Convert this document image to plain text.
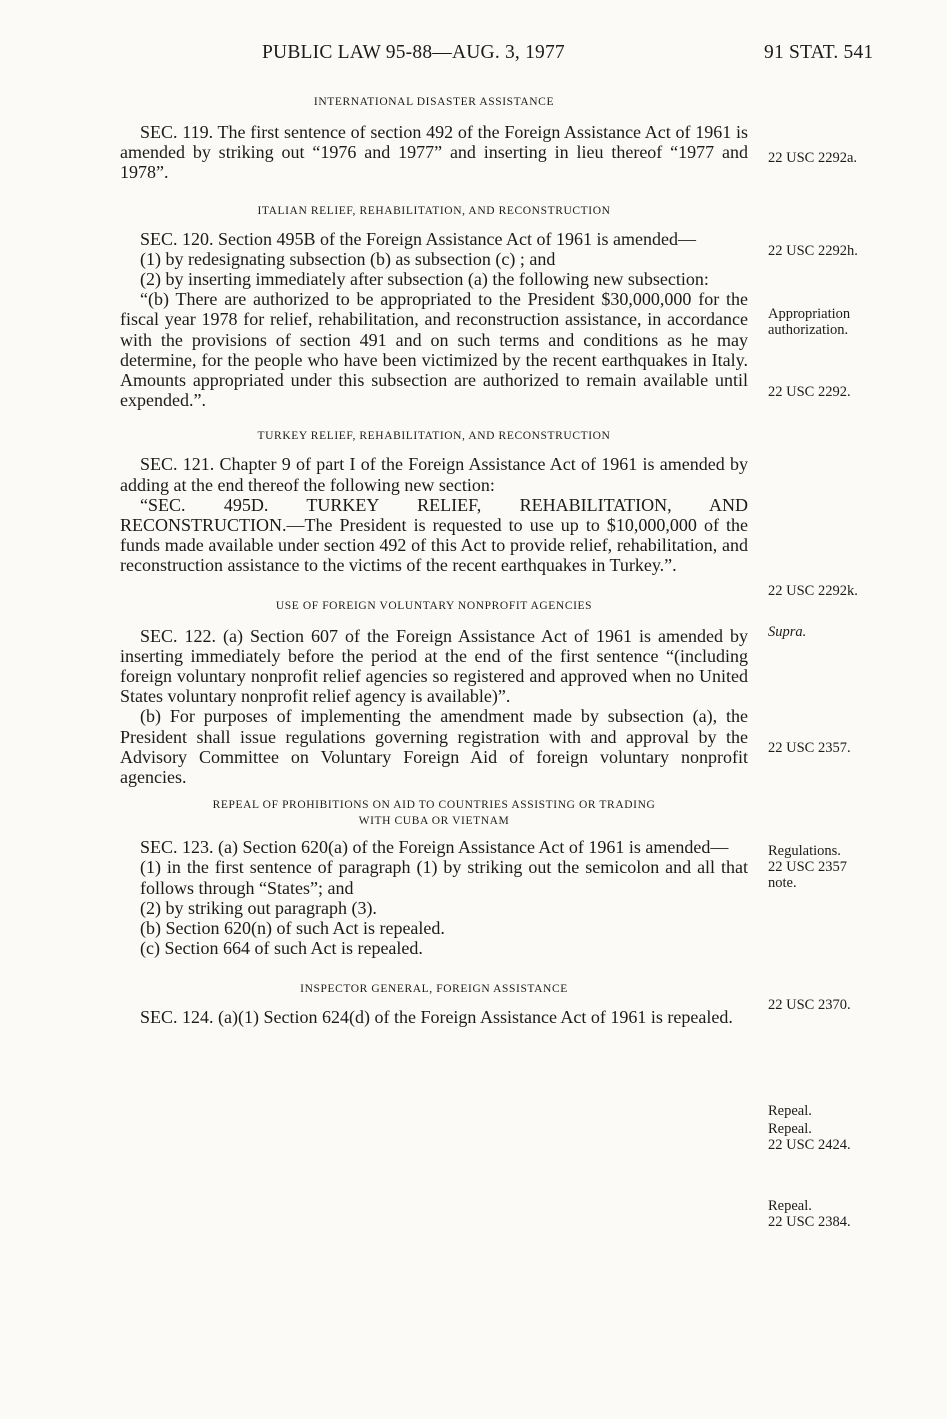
PUBLIC LAW 95-88—AUG. 3, 1977	91 STAT. 541
INTERNATIONAL DISASTER ASSISTANCE

SEC. 119. The first sentence of section 492 of the Foreign Assistance Act of 1961 is amended by striking out “1976 and 1977” and inserting in lieu thereof “1977 and 1978”.

ITALIAN RELIEF, REHABILITATION, AND RECONSTRUCTION

SEC. 120. Section 495B of the Foreign Assistance Act of 1961 is amended—

(1) by redesignating subsection (b) as subsection (c) ; and

(2) by inserting immediately after subsection (a) the following new subsection:

“(b) There are authorized to be appropriated to the President $30,000,000 for the fiscal year 1978 for relief, rehabilitation, and reconstruction assistance, in accordance with the provisions of section 491 and on such terms and conditions as he may determine, for the people who have been victimized by the recent earthquakes in Italy. Amounts appropriated under this subsection are authorized to remain available until expended.”.

TURKEY RELIEF, REHABILITATION, AND RECONSTRUCTION

SEC. 121. Chapter 9 of part I of the Foreign Assistance Act of 1961 is amended by adding at the end thereof the following new section:

“SEC. 495D. TURKEY RELIEF, REHABILITATION, AND RECONSTRUCTION.—The President is requested to use up to $10,000,000 of the funds made available under section 492 of this Act to provide relief, rehabilitation, and reconstruction assistance to the victims of the recent earthquakes in Turkey.”.

USE OF FOREIGN VOLUNTARY NONPROFIT AGENCIES

SEC. 122. (a) Section 607 of the Foreign Assistance Act of 1961 is amended by inserting immediately before the period at the end of the first sentence “(including foreign voluntary nonprofit relief agencies so registered and approved when no United States voluntary nonprofit relief agency is available)”.

(b) For purposes of implementing the amendment made by subsection (a), the President shall issue regulations governing registration with and approval by the Advisory Committee on Voluntary Foreign Aid of foreign voluntary nonprofit agencies.

REPEAL OF PROHIBITIONS ON AID TO COUNTRIES ASSISTING OR TRADING
WITH CUBA OR VIETNAM

SEC. 123. (a) Section 620(a) of the Foreign Assistance Act of 1961 is amended—

(1) in the first sentence of paragraph (1) by striking out the semicolon and all that follows through “States”; and

(2) by striking out paragraph (3).

(b) Section 620(n) of such Act is repealed.

(c) Section 664 of such Act is repealed.

INSPECTOR GENERAL, FOREIGN ASSISTANCE

SEC. 124. (a)(1) Section 624(d) of the Foreign Assistance Act of 1961 is repealed.

22 USC 2292a.
22 USC 2292h.
Appropriation
authorization.
22 USC 2292.
22 USC 2292k.
Supra.
22 USC 2357.
Regulations.
22 USC 2357
note.
22 USC 2370.
Repeal.
Repeal.
22 USC 2424.
Repeal.
22 USC 2384.
